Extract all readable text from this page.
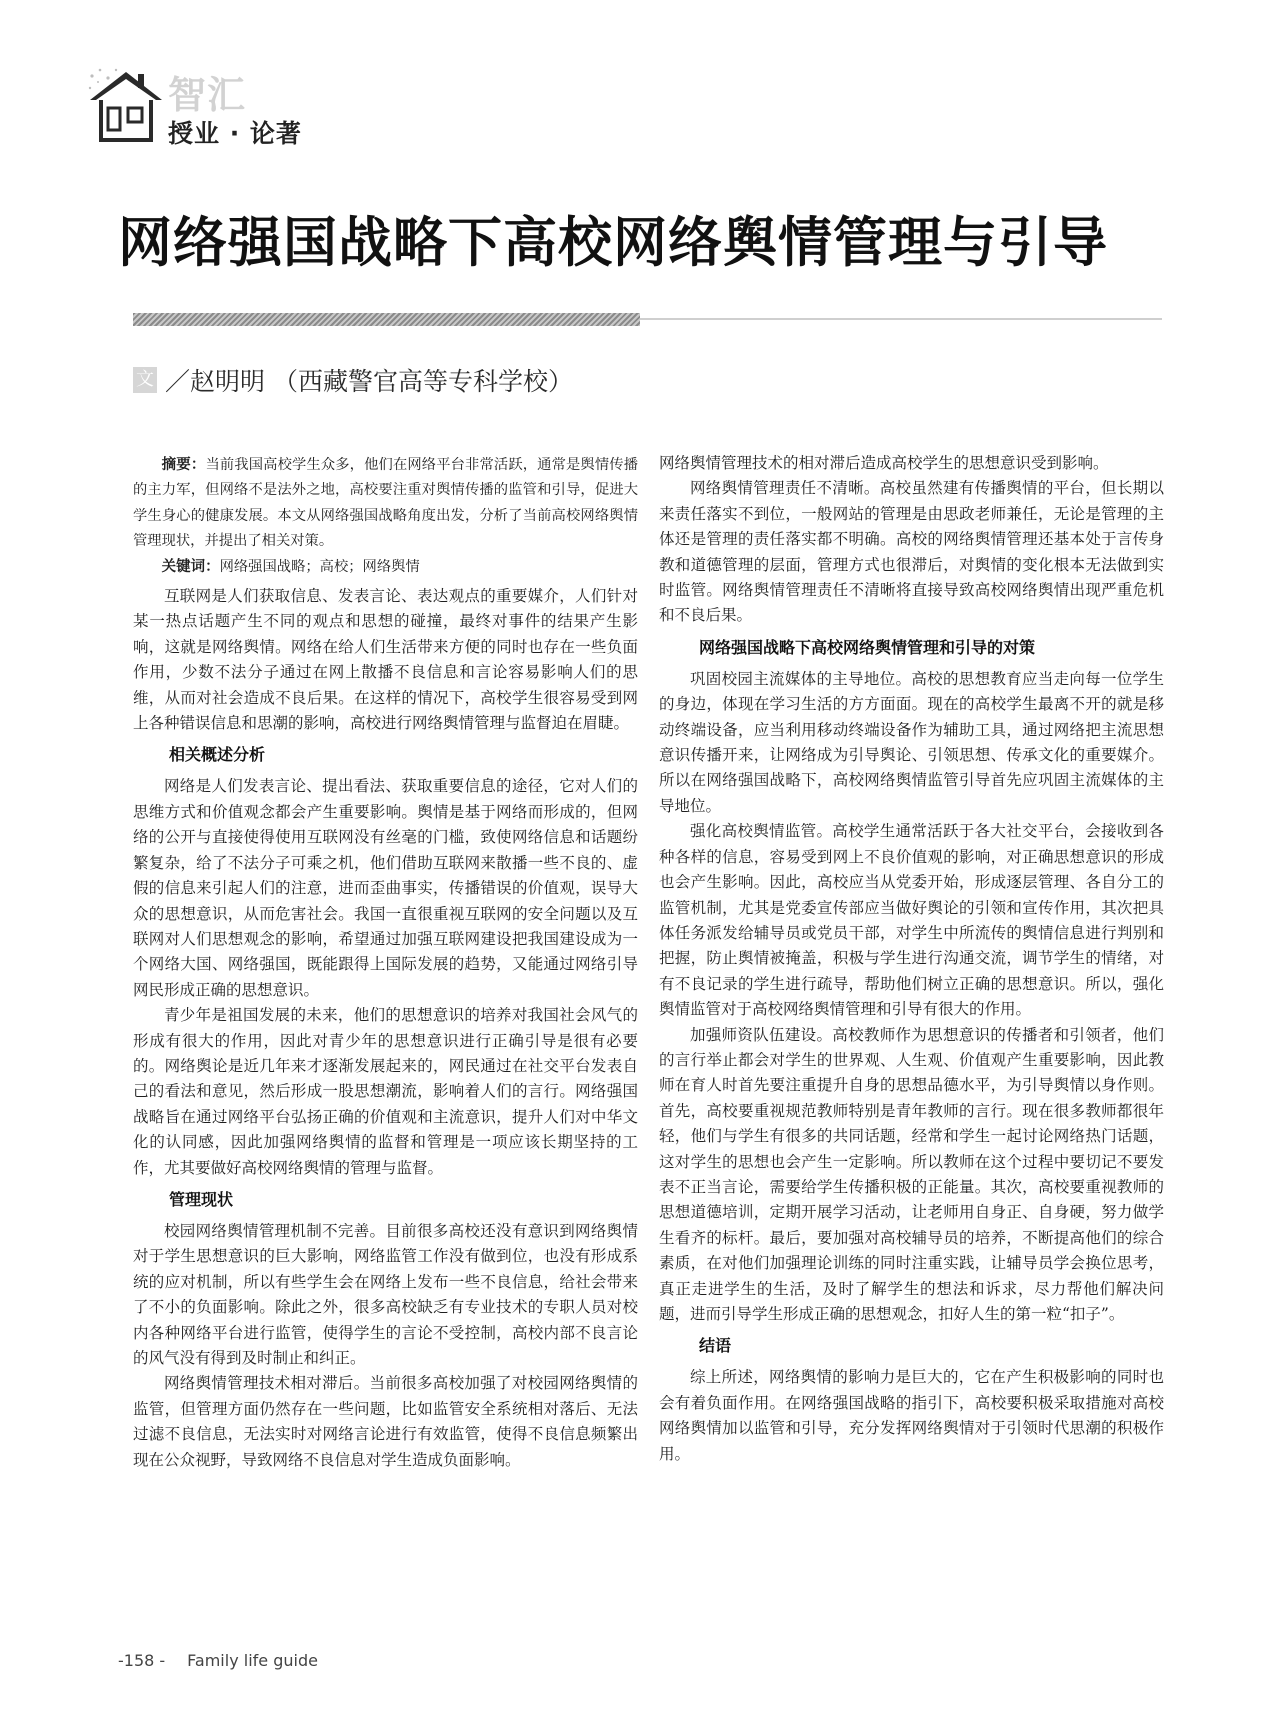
智汇
授业 · 论著
网络强国战略下高校网络舆情管理与引导
文 ／赵明明 （西藏警官高等专科学校）

摘要：当前我国高校学生众多，他们在网络平台非常活跃，通常是舆情传播的主力军，但网络不是法外之地，高校要注重对舆情传播的监管和引导，促进大学生身心的健康发展。本文从网络强国战略角度出发，分析了当前高校网络舆情管理现状，并提出了相关对策。

关键词：网络强国战略；高校；网络舆情

互联网是人们获取信息、发表言论、表达观点的重要媒介，人们针对某一热点话题产生不同的观点和思想的碰撞，最终对事件的结果产生影响，这就是网络舆情。网络在给人们生活带来方便的同时也存在一些负面作用，少数不法分子通过在网上散播不良信息和言论容易影响人们的思维，从而对社会造成不良后果。在这样的情况下，高校学生很容易受到网上各种错误信息和思潮的影响，高校进行网络舆情管理与监督迫在眉睫。

相关概述分析

网络是人们发表言论、提出看法、获取重要信息的途径，它对人们的思维方式和价值观念都会产生重要影响。舆情是基于网络而形成的，但网络的公开与直接使得使用互联网没有丝毫的门槛，致使网络信息和话题纷繁复杂，给了不法分子可乘之机，他们借助互联网来散播一些不良的、虚假的信息来引起人们的注意，进而歪曲事实，传播错误的价值观，误导大众的思想意识，从而危害社会。我国一直很重视互联网的安全问题以及互联网对人们思想观念的影响，希望通过加强互联网建设把我国建设成为一个网络大国、网络强国，既能跟得上国际发展的趋势，又能通过网络引导网民形成正确的思想意识。

青少年是祖国发展的未来，他们的思想意识的培养对我国社会风气的形成有很大的作用，因此对青少年的思想意识进行正确引导是很有必要的。网络舆论是近几年来才逐渐发展起来的，网民通过在社交平台发表自己的看法和意见，然后形成一股思想潮流，影响着人们的言行。网络强国战略旨在通过网络平台弘扬正确的价值观和主流意识，提升人们对中华文化的认同感，因此加强网络舆情的监督和管理是一项应该长期坚持的工作，尤其要做好高校网络舆情的管理与监督。

管理现状

校园网络舆情管理机制不完善。目前很多高校还没有意识到网络舆情对于学生思想意识的巨大影响，网络监管工作没有做到位，也没有形成系统的应对机制，所以有些学生会在网络上发布一些不良信息，给社会带来了不小的负面影响。除此之外，很多高校缺乏有专业技术的专职人员对校内各种网络平台进行监管，使得学生的言论不受控制，高校内部不良言论的风气没有得到及时制止和纠正。

网络舆情管理技术相对滞后。当前很多高校加强了对校园网络舆情的监管，但管理方面仍然存在一些问题，比如监管安全系统相对落后、无法过滤不良信息，无法实时对网络言论进行有效监管，使得不良信息频繁出现在公众视野，导致网络不良信息对学生造成负面影响。

网络舆情管理技术的相对滞后造成高校学生的思想意识受到影响。

网络舆情管理责任不清晰。高校虽然建有传播舆情的平台，但长期以来责任落实不到位，一般网站的管理是由思政老师兼任，无论是管理的主体还是管理的责任落实都不明确。高校的网络舆情管理还基本处于言传身教和道德管理的层面，管理方式也很滞后，对舆情的变化根本无法做到实时监管。网络舆情管理责任不清晰将直接导致高校网络舆情出现严重危机和不良后果。

网络强国战略下高校网络舆情管理和引导的对策

巩固校园主流媒体的主导地位。高校的思想教育应当走向每一位学生的身边，体现在学习生活的方方面面。现在的高校学生最离不开的就是移动终端设备，应当利用移动终端设备作为辅助工具，通过网络把主流思想意识传播开来，让网络成为引导舆论、引领思想、传承文化的重要媒介。所以在网络强国战略下，高校网络舆情监管引导首先应巩固主流媒体的主导地位。

强化高校舆情监管。高校学生通常活跃于各大社交平台，会接收到各种各样的信息，容易受到网上不良价值观的影响，对正确思想意识的形成也会产生影响。因此，高校应当从党委开始，形成逐层管理、各自分工的监管机制，尤其是党委宣传部应当做好舆论的引领和宣传作用，其次把具体任务派发给辅导员或党员干部，对学生中所流传的舆情信息进行判别和把握，防止舆情被掩盖，积极与学生进行沟通交流，调节学生的情绪，对有不良记录的学生进行疏导，帮助他们树立正确的思想意识。所以，强化舆情监管对于高校网络舆情管理和引导有很大的作用。

加强师资队伍建设。高校教师作为思想意识的传播者和引领者，他们的言行举止都会对学生的世界观、人生观、价值观产生重要影响，因此教师在育人时首先要注重提升自身的思想品德水平，为引导舆情以身作则。首先，高校要重视规范教师特别是青年教师的言行。现在很多教师都很年轻，他们与学生有很多的共同话题，经常和学生一起讨论网络热门话题，这对学生的思想也会产生一定影响。所以教师在这个过程中要切记不要发表不正当言论，需要给学生传播积极的正能量。其次，高校要重视教师的思想道德培训，定期开展学习活动，让老师用自身正、自身硬，努力做学生看齐的标杆。最后，要加强对高校辅导员的培养，不断提高他们的综合素质，在对他们加强理论训练的同时注重实践，让辅导员学会换位思考，真正走进学生的生活，及时了解学生的想法和诉求，尽力帮他们解决问题，进而引导学生形成正确的思想观念，扣好人生的第一粒“扣子”。

结语

综上所述，网络舆情的影响力是巨大的，它在产生积极影响的同时也会有着负面作用。在网络强国战略的指引下，高校要积极采取措施对高校网络舆情加以监管和引导，充分发挥网络舆情对于引领时代思潮的积极作用。

-158 - Family life guide
